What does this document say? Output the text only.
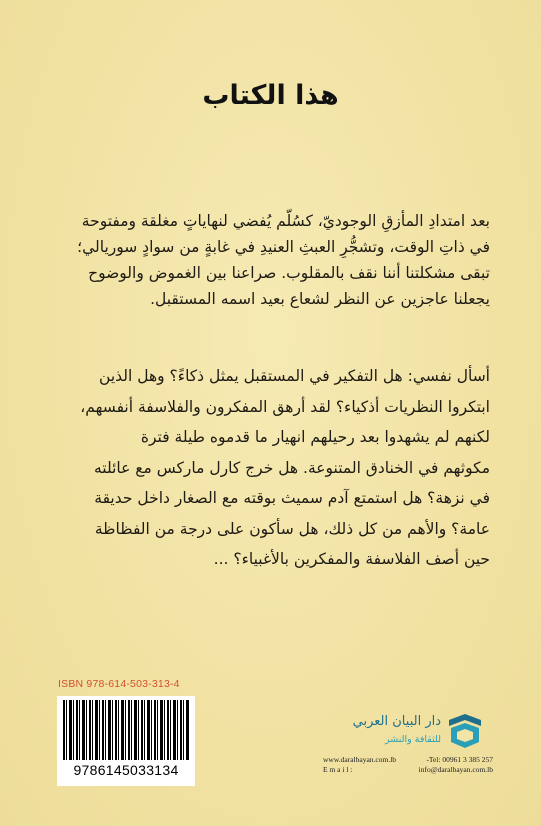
هذا الكتاب
بعد امتدادِ المأزقِ الوجوديّ، كسُلّم يُفضي لنهاياتٍ مغلقة ومفتوحة
في ذاتِ الوقت، وتشجُّرِ العبثِ العنيدِ في غابةٍ من سوادٍ سوريالي؛
تبقى مشكلتنا أننا نقف بالمقلوب. صراعنا بين الغموض والوضوح
يجعلنا عاجزين عن النظر لشعاع بعيد اسمه المستقبل.
أسأل نفسي: هل التفكير في المستقبل يمثل ذكاءً؟ وهل الذين
ابتكروا النظريات أذكياء؟ لقد أرهق المفكرون والفلاسفة أنفسهم،
لكنهم لم يشهدوا بعد رحيلهم انهيار ما قدموه طيلة فترة
مكوثهم في الخنادق المتنوعة. هل خرج كارل ماركس مع عائلته
في نزهة؟ هل استمتع آدم سميث بوقته مع الصغار داخل حديقة
عامة؟ والأهم من كل ذلك، هل سأكون على درجة من الفظاظة
حين أصف الفلاسفة والمفكرين بالأغبياء؟ ...
ISBN 978-614-503-313-4
9786145033134
دار البيان العربي
للثقافة والنشر
www.daralbayan.com.lb	-Tel: 00961 3 385 257
E m a i l :	info@daralbayan.com.lb
